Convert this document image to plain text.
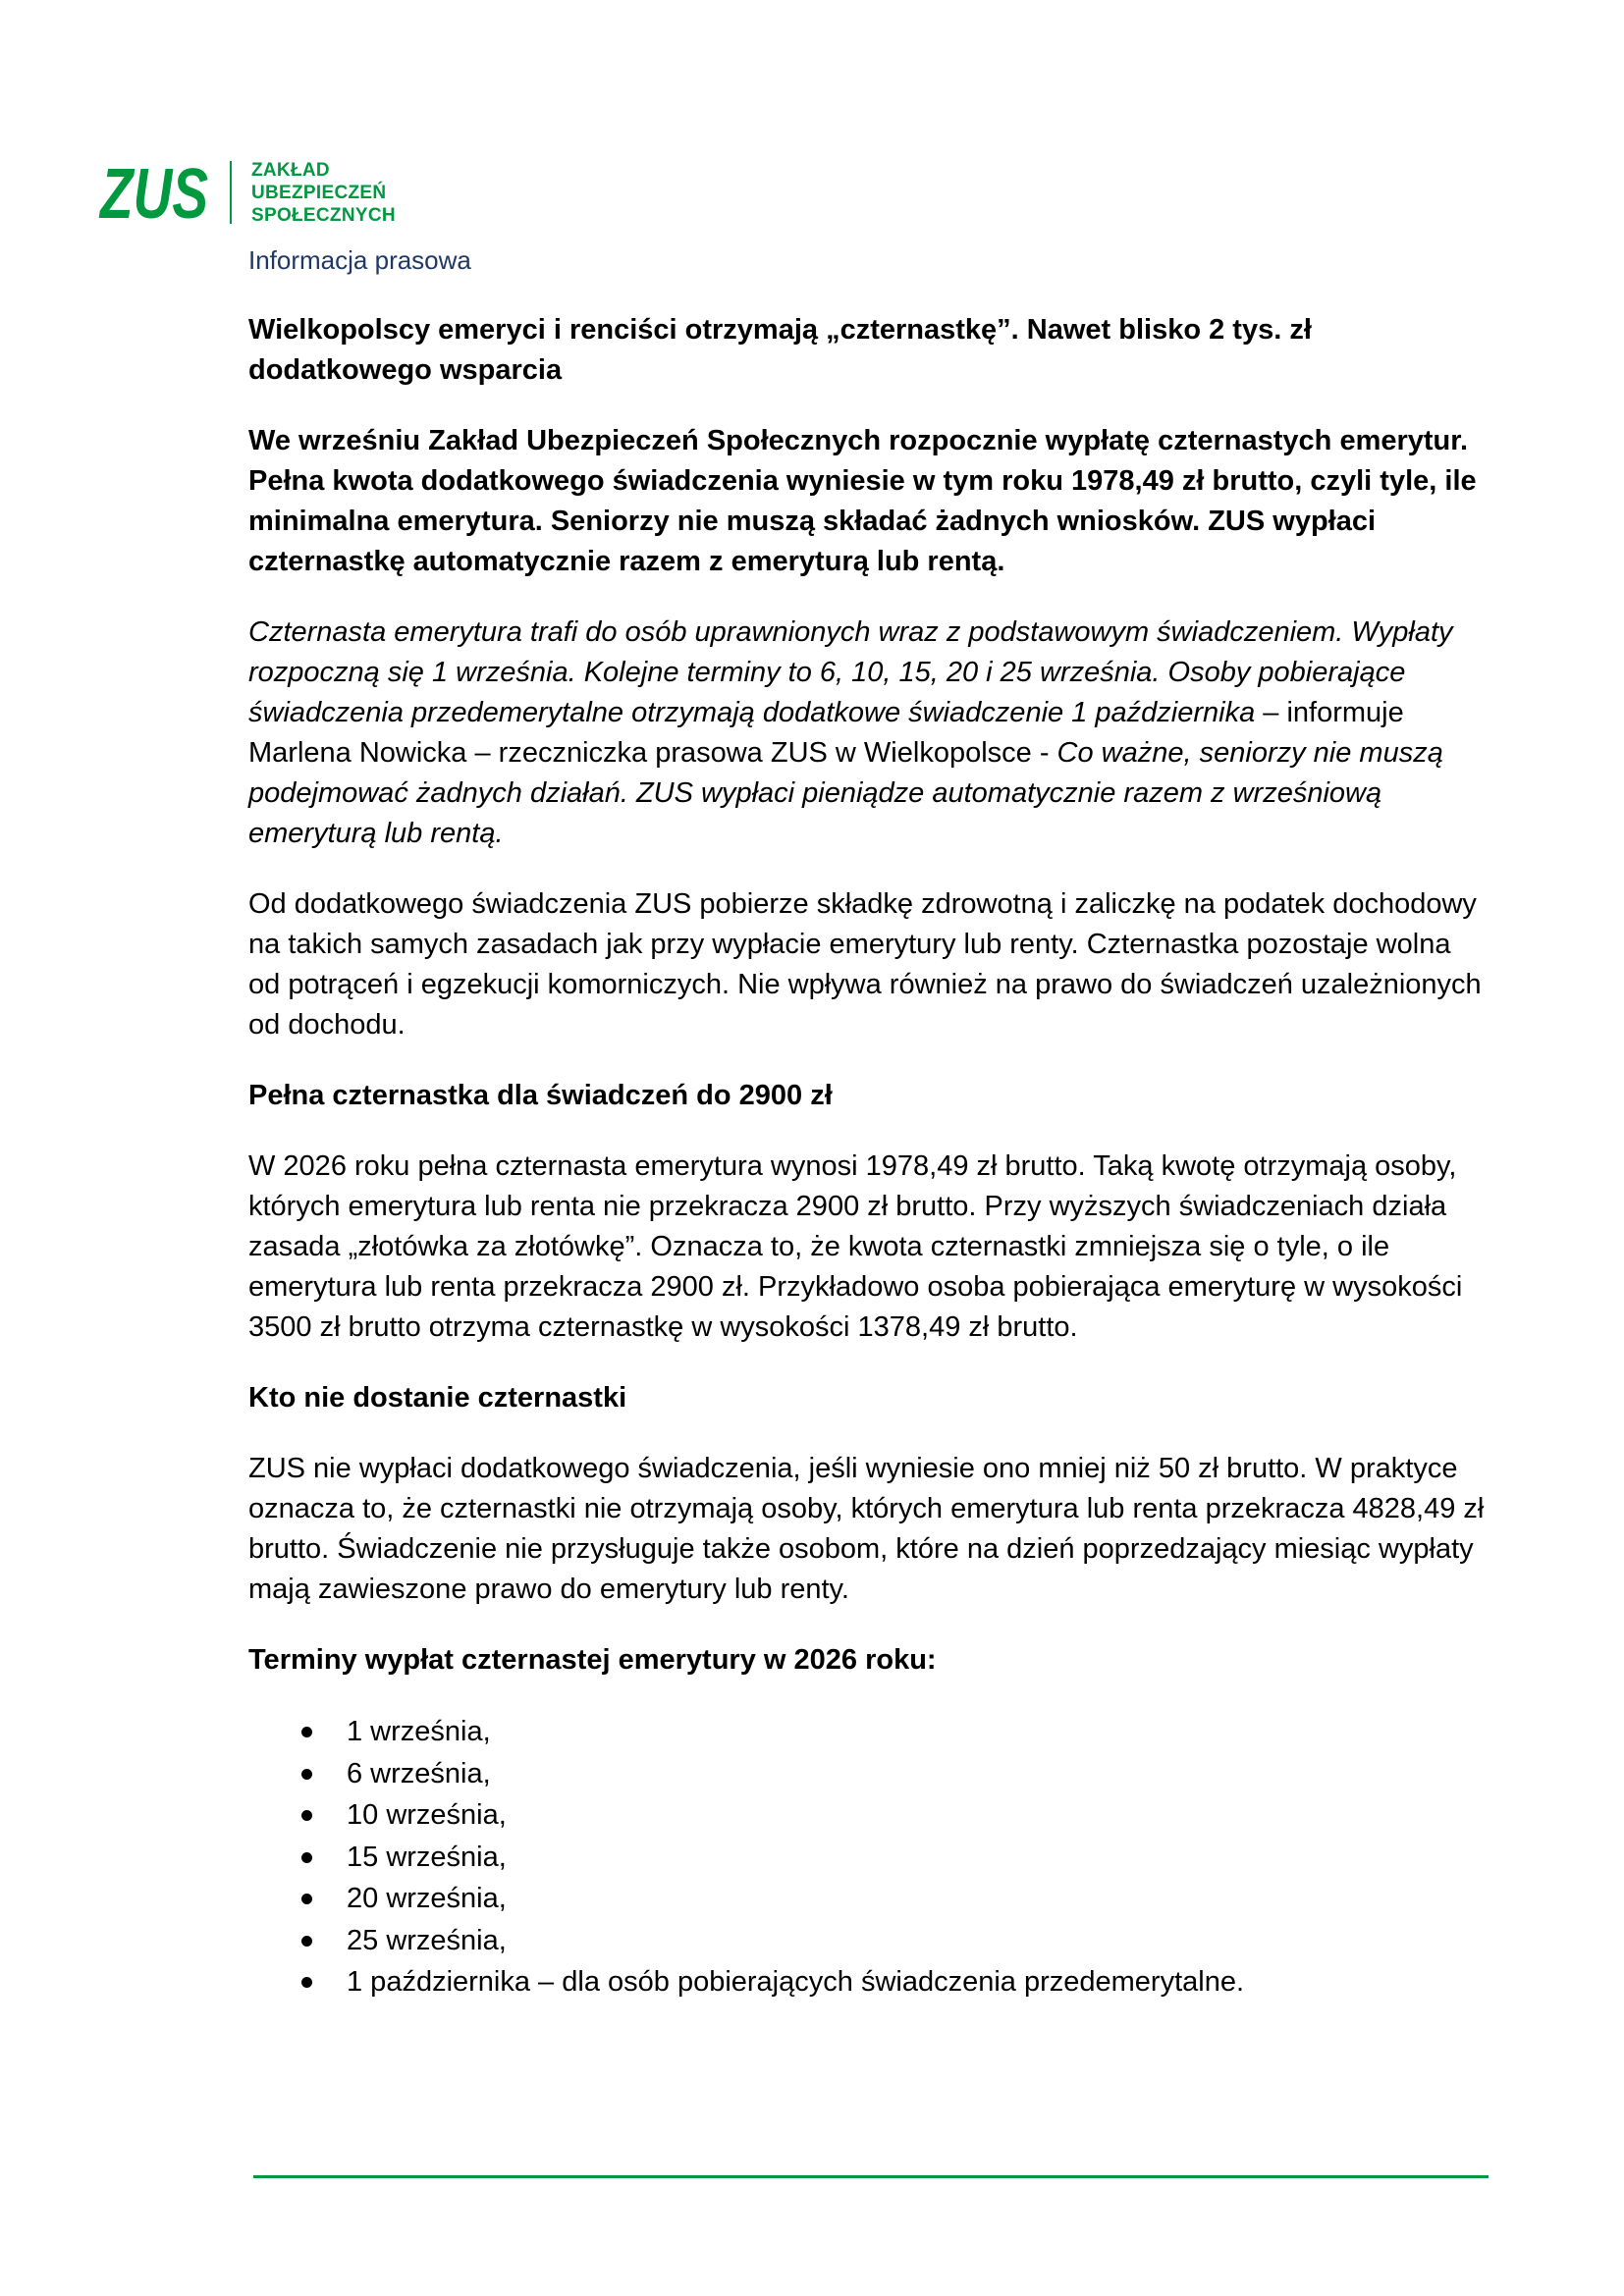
ZUS ZAKŁAD
UBEZPIECZEŃ
SPOŁECZNYCH
Informacja prasowa

Wielkopolscy emeryci i renciści otrzymają „czternastkę”. Nawet blisko 2 tys. zł dodatkowego wsparcia

We wrześniu Zakład Ubezpieczeń Społecznych rozpocznie wypłatę czternastych emerytur. Pełna kwota dodatkowego świadczenia wyniesie w tym roku 1978,49 zł brutto, czyli tyle, ile minimalna emerytura. Seniorzy nie muszą składać żadnych wniosków. ZUS wypłaci czternastkę automatycznie razem z emeryturą lub rentą.

Czternasta emerytura trafi do osób uprawnionych wraz z podstawowym świadczeniem. Wypłaty rozpoczną się 1 września. Kolejne terminy to 6, 10, 15, 20 i 25 września. Osoby pobierające świadczenia przedemerytalne otrzymają dodatkowe świadczenie 1 października – informuje Marlena Nowicka – rzeczniczka prasowa ZUS w Wielkopolsce - Co ważne, seniorzy nie muszą podejmować żadnych działań. ZUS wypłaci pieniądze automatycznie razem z wrześniową emeryturą lub rentą.

Od dodatkowego świadczenia ZUS pobierze składkę zdrowotną i zaliczkę na podatek dochodowy na takich samych zasadach jak przy wypłacie emerytury lub renty. Czternastka pozostaje wolna od potrąceń i egzekucji komorniczych. Nie wpływa również na prawo do świadczeń uzależnionych od dochodu.

Pełna czternastka dla świadczeń do 2900 zł

W 2026 roku pełna czternasta emerytura wynosi 1978,49 zł brutto. Taką kwotę otrzymają osoby, których emerytura lub renta nie przekracza 2900 zł brutto. Przy wyższych świadczeniach działa zasada „złotówka za złotówkę”. Oznacza to, że kwota czternastki zmniejsza się o tyle, o ile emerytura lub renta przekracza 2900 zł. Przykładowo osoba pobierająca emeryturę w wysokości 3500 zł brutto otrzyma czternastkę w wysokości 1378,49 zł brutto.

Kto nie dostanie czternastki

ZUS nie wypłaci dodatkowego świadczenia, jeśli wyniesie ono mniej niż 50 zł brutto. W praktyce oznacza to, że czternastki nie otrzymają osoby, których emerytura lub renta przekracza 4828,49 zł brutto. Świadczenie nie przysługuje także osobom, które na dzień poprzedzający miesiąc wypłaty mają zawieszone prawo do emerytury lub renty.

Terminy wypłat czternastej emerytury w 2026 roku:

1 września,
6 września,
10 września,
15 września,
20 września,
25 września,
1 października – dla osób pobierających świadczenia przedemerytalne.
